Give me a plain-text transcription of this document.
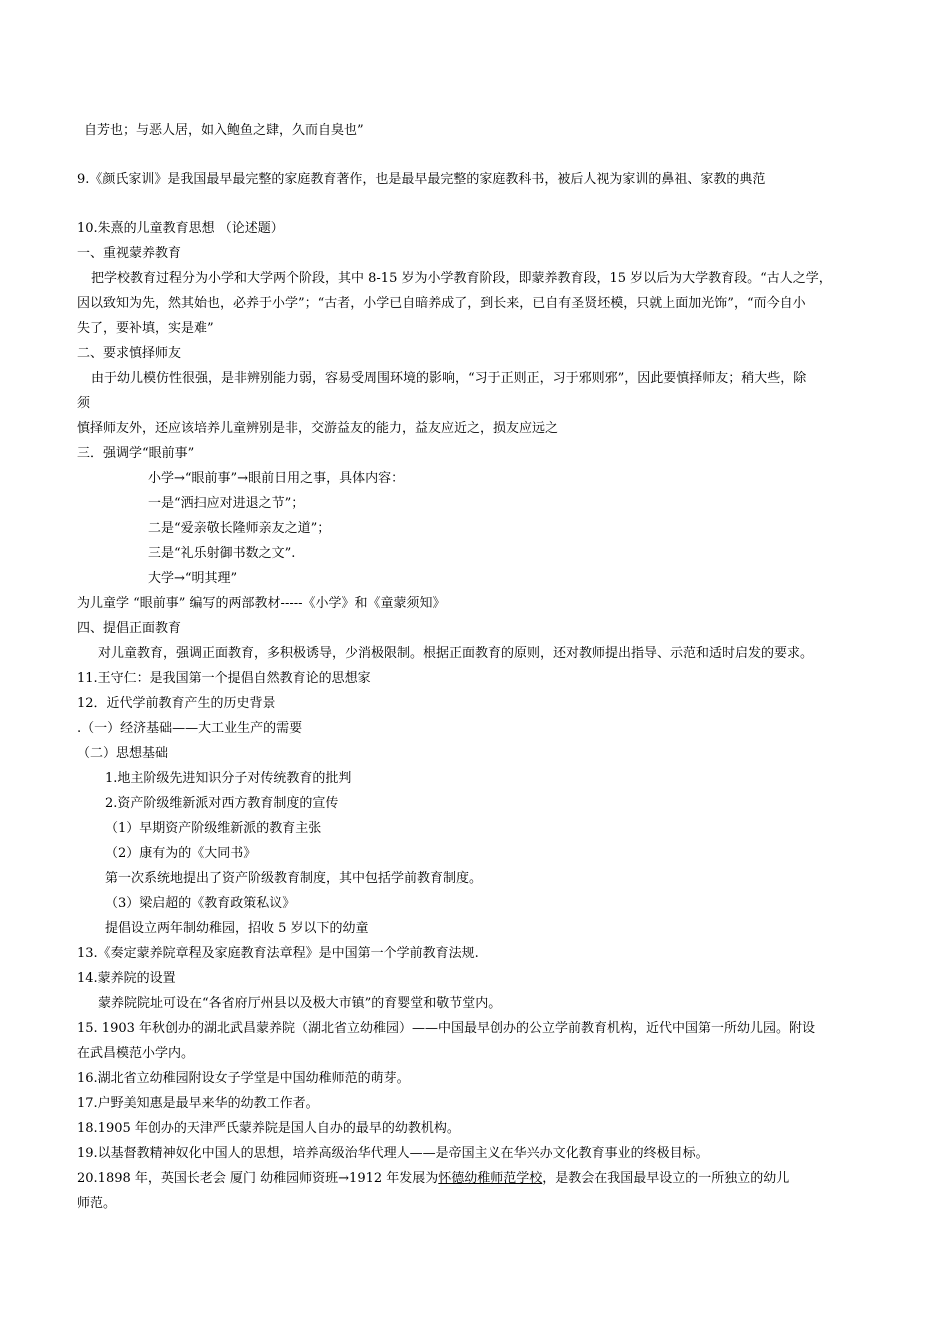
自芳也；与恶人居，如入鲍鱼之肆，久而自臭也”
9.《颜氏家训》是我国最早最完整的家庭教育著作，也是最早最完整的家庭教科书，被后人视为家训的鼻祖、家教的典范
10.朱熹的儿童教育思想 （论述题）
一、重视蒙养教育
把学校教育过程分为小学和大学两个阶段，其中 8-15 岁为小学教育阶段，即蒙养教育段，15 岁以后为大学教育段。“古人之学，
因以致知为先，然其始也，必养于小学”；“古者，小学已自暗养成了，到长来，已自有圣贤坯模，只就上面加光饰”，“而今自小
失了，要补填，实是难”
二、要求慎择师友
由于幼儿模仿性很强，是非辨别能力弱，容易受周围环境的影响，“习于正则正，习于邪则邪”，因此要慎择师友；稍大些，除
须
慎择师友外，还应该培养儿童辨别是非，交游益友的能力，益友应近之，损友应远之
三．强调学“眼前事”
小学→“眼前事”→眼前日用之事，具体内容：
一是“洒扫应对进退之节”；
二是“爱亲敬长隆师亲友之道”；
三是“礼乐射御书数之文”.
大学→“明其理”
为儿童学 “眼前事” 编写的两部教材-----《小学》和《童蒙须知》
四、提倡正面教育
对儿童教育，强调正面教育，多积极诱导，少消极限制。根据正面教育的原则，还对教师提出指导、示范和适时启发的要求。
11.王守仁：是我国第一个提倡自然教育论的思想家
12．近代学前教育产生的历史背景
.（一）经济基础——大工业生产的需要
（二）思想基础
1.地主阶级先进知识分子对传统教育的批判
2.资产阶级维新派对西方教育制度的宣传
（1）早期资产阶级维新派的教育主张
（2）康有为的《大同书》
第一次系统地提出了资产阶级教育制度，其中包括学前教育制度。
（3）梁启超的《教育政策私议》
提倡设立两年制幼稚园，招收 5 岁以下的幼童
13.《奏定蒙养院章程及家庭教育法章程》是中国第一个学前教育法规.
14.蒙养院的设置
蒙养院院址可设在“各省府厅州县以及极大市镇”的育婴堂和敬节堂内。
15. 1903 年秋创办的湖北武昌蒙养院（湖北省立幼稚园）——中国最早创办的公立学前教育机构，近代中国第一所幼儿园。附设
在武昌模范小学内。
16.湖北省立幼稚园附设女子学堂是中国幼稚师范的萌芽。
17.户野美知惠是最早来华的幼教工作者。
18.1905 年创办的天津严氏蒙养院是国人自办的最早的幼教机构。
19.以基督教精神奴化中国人的思想，培养高级治华代理人——是帝国主义在华兴办文化教育事业的终极目标。
20.1898 年，英国长老会 厦门 幼稚园师资班→1912 年发展为怀德幼稚师范学校，是教会在我国最早设立的一所独立的幼儿
师范。
